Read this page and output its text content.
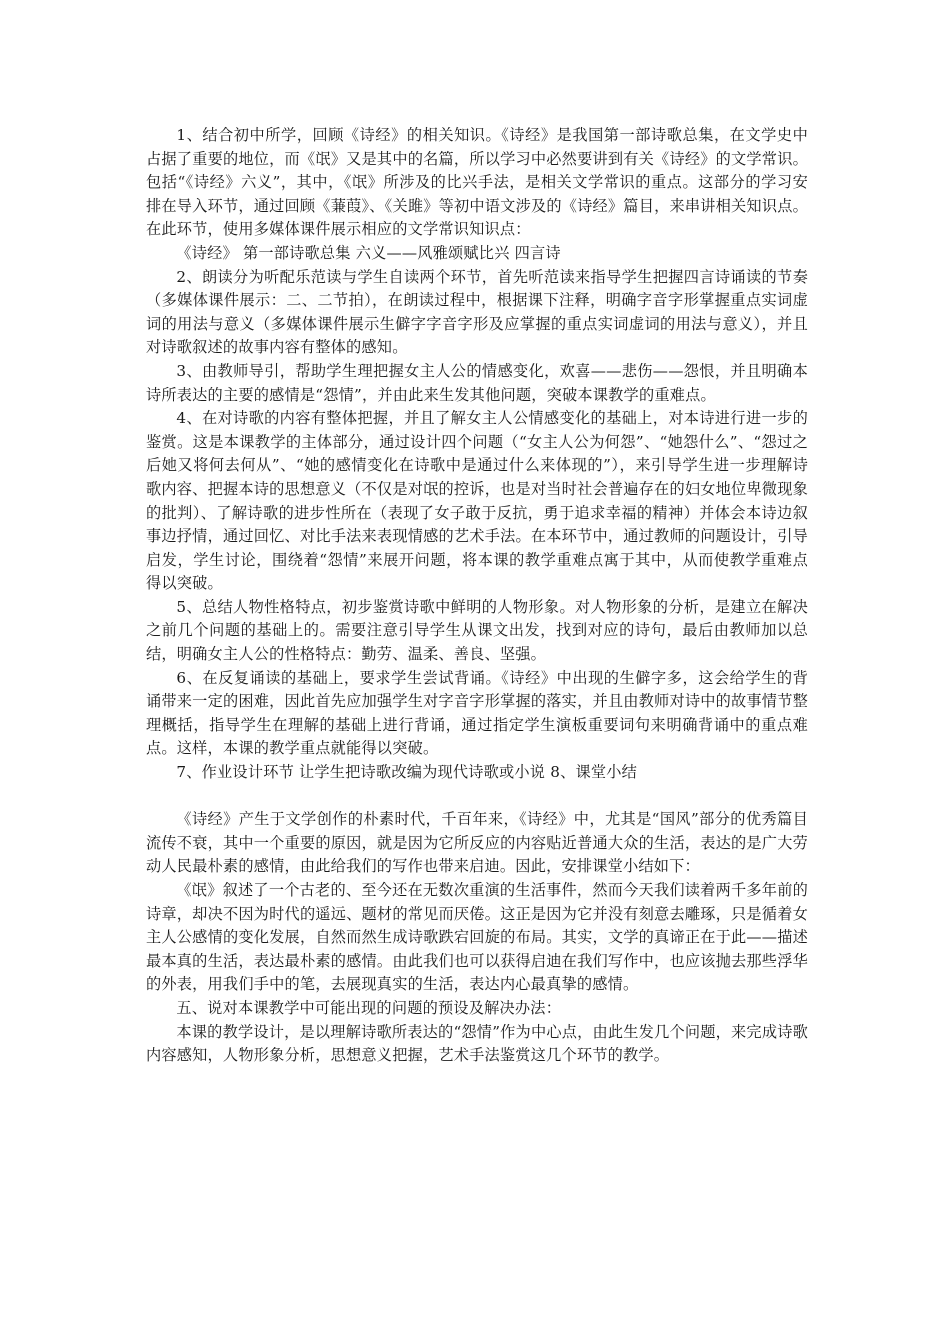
1、结合初中所学，回顾《诗经》的相关知识。《诗经》是我国第一部诗歌总集，在文学史中占据了重要的地位，而《氓》又是其中的名篇，所以学习中必然要讲到有关《诗经》的文学常识。包括“《诗经》六义”，其中，《氓》所涉及的比兴手法，是相关文学常识的重点。这部分的学习安排在导入环节，通过回顾《蒹葭》、《关雎》等初中语文涉及的《诗经》篇目，来串讲相关知识点。在此环节，使用多媒体课件展示相应的文学常识知识点：

《诗经》 第一部诗歌总集 六义——风雅颂赋比兴 四言诗

2、朗读分为听配乐范读与学生自读两个环节，首先听范读来指导学生把握四言诗诵读的节奏（多媒体课件展示：二、二节拍），在朗读过程中，根据课下注释，明确字音字形掌握重点实词虚词的用法与意义（多媒体课件展示生僻字字音字形及应掌握的重点实词虚词的用法与意义），并且对诗歌叙述的故事内容有整体的感知。

3、由教师导引，帮助学生理把握女主人公的情感变化，欢喜——悲伤——怨恨，并且明确本诗所表达的主要的感情是“怨情”，并由此来生发其他问题，突破本课教学的重难点。

4、在对诗歌的内容有整体把握，并且了解女主人公情感变化的基础上，对本诗进行进一步的鉴赏。这是本课教学的主体部分，通过设计四个问题（“女主人公为何怨”、“她怨什么”、“怨过之后她又将何去何从”、“她的感情变化在诗歌中是通过什么来体现的”），来引导学生进一步理解诗歌内容、把握本诗的思想意义（不仅是对氓的控诉，也是对当时社会普遍存在的妇女地位卑微现象的批判）、了解诗歌的进步性所在（表现了女子敢于反抗，勇于追求幸福的精神）并体会本诗边叙事边抒情，通过回忆、对比手法来表现情感的艺术手法。在本环节中，通过教师的问题设计，引导启发，学生讨论，围绕着“怨情”来展开问题，将本课的教学重难点寓于其中，从而使教学重难点得以突破。

5、总结人物性格特点，初步鉴赏诗歌中鲜明的人物形象。对人物形象的分析，是建立在解决之前几个问题的基础上的。需要注意引导学生从课文出发，找到对应的诗句，最后由教师加以总结，明确女主人公的性格特点：勤劳、温柔、善良、坚强。

6、在反复诵读的基础上，要求学生尝试背诵。《诗经》中出现的生僻字多，这会给学生的背诵带来一定的困难，因此首先应加强学生对字音字形掌握的落实，并且由教师对诗中的故事情节整理概括，指导学生在理解的基础上进行背诵，通过指定学生演板重要词句来明确背诵中的重点难点。这样，本课的教学重点就能得以突破。

7、作业设计环节 让学生把诗歌改编为现代诗歌或小说 8、课堂小结

《诗经》产生于文学创作的朴素时代，千百年来，《诗经》中，尤其是“国风”部分的优秀篇目流传不衰，其中一个重要的原因，就是因为它所反应的内容贴近普通大众的生活，表达的是广大劳动人民最朴素的感情，由此给我们的写作也带来启迪。因此，安排课堂小结如下：

《氓》叙述了一个古老的、至今还在无数次重演的生活事件，然而今天我们读着两千多年前的诗章，却决不因为时代的遥远、题材的常见而厌倦。这正是因为它并没有刻意去雕琢，只是循着女主人公感情的变化发展，自然而然生成诗歌跌宕回旋的布局。其实，文学的真谛正在于此——描述最本真的生活，表达最朴素的感情。由此我们也可以获得启迪在我们写作中，也应该抛去那些浮华的外表，用我们手中的笔，去展现真实的生活，表达内心最真挚的感情。

五、说对本课教学中可能出现的问题的预设及解决办法：

本课的教学设计，是以理解诗歌所表达的“怨情”作为中心点，由此生发几个问题，来完成诗歌内容感知，人物形象分析，思想意义把握，艺术手法鉴赏这几个环节的教学。
